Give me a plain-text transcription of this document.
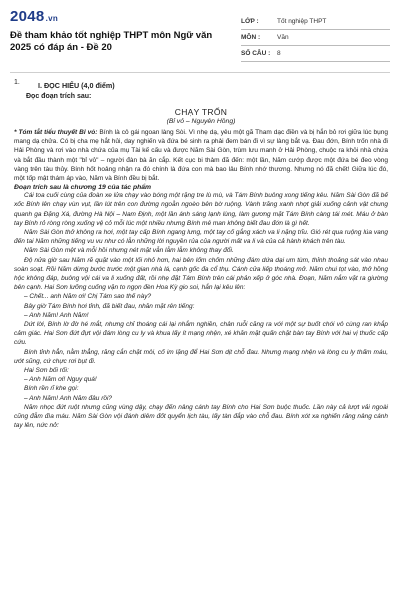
2048.vn
Đề tham khảo tốt nghiệp THPT môn Ngữ văn 2025 có đáp án - Đề 20
LỚP :	Tốt nghiệp THPT
MÔN :	Văn
SỐ CÂU :	8
1.	I. ĐỌC HIỂU (4,0 điểm)
Đọc đoạn trích sau:
CHẠY TRỐN
(Bỉ vỏ – Nguyên Hồng)

* Tóm tắt tiểu thuyết Bỉ vỏ: Bính là cô gái ngoan làng Sòi. Vì nhẹ dạ, yêu một gã Tham dạc điền và bị hắn bỏ rơi giữa lúc bụng mang dạ chửa. Có bị cha mẹ hắt hủi, day nghiến và đứa bé sinh ra phải đem bán đi vì sự làng bắt vạ. Đau đớn, Bính trốn nhà đi Hải Phòng và rơi vào nhà chứa của mụ Tài kế cấu và được Năm Sài Gòn, trùm lưu manh ở Hải Phòng, chuộc ra khỏi nhà chứa và bắt đầu thành một "bỉ vỏ" – người đàn bà ăn cắp. Kết cục bi thảm đã đến: một lần, Năm cướp được một đứa bé đeo vòng vàng trên tàu thủy. Bính hốt hoảng nhận ra đó chính là đứa con mà bao lâu Bính nhớ thương. Nhưng nó đã chết! Giữa lúc đó, một tốp mật thám áp vào, Năm và Bính đều bị bắt.

Đoạn trích sau là chương 19 của tác phẩm

Cái toa cuối cùng của đoàn xe lửa chạy vào bóng một rặng tre lù mù, và Tám Bính buông xong tiếng kêu. Năm Sài Gòn đã bế xốc Bính lên chạy vùn vụt, lần lút trên con đường ngoằn ngoèo bên bờ ruộng. Vành trăng xanh nhợt giải xuống cảnh vật chung quanh ga Đặng Xá, đường Hà Nội – Nam Định, một lần ánh sáng lạnh lùng, làm gương mặt Tám Bính càng tái mét. Máu ở bàn tay Bính rỏ ròng ròng xuống vệ cỏ mỗi lúc một nhiều nhưng Bính mê man không biết đau đớn là gì hết.

Năm Sài Gòn thở không ra hơi, một tay cấp Bính ngang lưng, một tay cố gắng xách va li nặng trĩu. Gió rét qua ruộng lúa vang đến tai Năm những tiếng vu vu như có lẫn những lời nguyền rủa của người mất va li và của cả hành khách trên tàu.

Năm Sài Gòn mệt và mỗi hồi nhưng nét mặt vẫn lẫm lẫm không thay đổi.

Độ nửa giờ sau Năm rẽ quặt vào một lối nhỏ hơn, hai bên lốm chốm những đám dứa dại um tùm, thỉnh thoảng sát vào nhau soàn soạt. Rồi Năm dừng bước trước một gian nhà lá, cạnh gốc đa cổ thụ. Cánh cửa liếp thoáng mở. Năm chui tọt vào, thở hồng hộc không đáp, buông vội cái va li xuống đất, rồi nhẹ đặt Tám Bính trên cái phản xếp ở góc nhà. Đoạn, Năm nắm vặt ra giường bên cạnh. Hai Sơn lưỡng cuống vặn to ngọn đèn Hoa Kỳ gio soi, hắn lại kêu lên:

– Chết... anh Năm ơi! Chị Tám sao thế này?

Bây giờ Tám Bính hơi tỉnh, đã biết đau, nhăn mặt rên tiếng:

– Anh Năm! Anh Năm!

Dứt lời, Bính lờ đờ hé mắt, nhưng chỉ thoáng cái lại nhắm nghiền, chân ruỗi căng ra với một sự buốt chói vô cùng ran khắp cảm giác. Hai Sơn đứt đựt vội đám lòng cu ly và khua lấy ít mạng nhện, xé khăn mặt quấn chặt bàn tay Bính với hai vị thuốc cấp cứu.

Bính tỉnh hẳn, nằm thẳng, răng cắn chặt môi, cố im lặng để Hai Sơn dịt chỗ đau. Nhưng mạng nhện và lòng cu ly thấm máu, ướt sũng, cứ chực rơi bụt đi.

Hai Sơn bối rối:

– Anh Năm ơi! Nguy quá!

Bính rền rĩ khe gọi:

– Anh Năm! Anh Năm đâu rồi?

Năm nhọc đứt ruột nhưng cũng vùng dậy, chạy đến nâng cánh tay Bính cho Hai Sơn buộc thuốc. Lần này cả lượt vải ngoài cũng đẫm đìa máu. Năm Sài Gòn vội đánh diêm đốt quyển lịch tàu, lấy tàn đắp vào chỗ đau. Bính xót xa nghiến răng nâng cánh tay lên, nức nở:
